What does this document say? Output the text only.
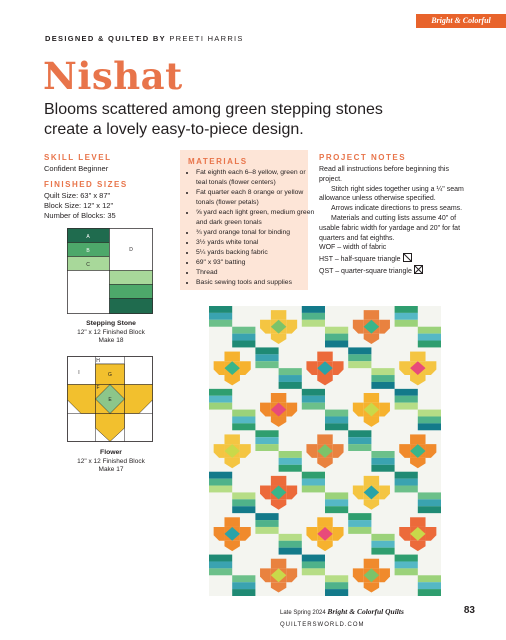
Bright & Colorful
DESIGNED & QUILTED BY PREETI HARRIS
Nishat
Blooms scattered among green stepping stones create a lovely easy-to-piece design.
SKILL LEVEL
Confident Beginner
FINISHED SIZES
Quilt Size: 63" x 87"
Block Size: 12" x 12"
Number of Blocks: 35
MATERIALS
• Fat eighth each 6–8 yellow, green or teal tonals (flower centers)
• Fat quarter each 8 orange or yellow tonals (flower petals)
• ⅝ yard each light green, medium green and dark green tonals
• ¾ yard orange tonal for binding
• 3½ yards white tonal
• 5¼ yards backing fabric
• 69" x 93" batting
• Thread
• Basic sewing tools and supplies
PROJECT NOTES
Read all instructions before beginning this project.
Stitch right sides together using a ¼" seam allowance unless otherwise specified.
Arrows indicate directions to press seams.
Materials and cutting lists assume 40" of usable fabric width for yardage and 20" for fat quarters and fat eighths.
WOF – width of fabric
HST – half-square triangle
QST – quarter-square triangle
A
B
C
D
Stepping Stone
12" x 12 Finished Block
Make 18
E
F
G
H
I
Flower
12" x 12 Finished Block
Make 17
Late Spring 2024 Bright & Colorful Quilts QUILTERSWORLD.COM
83
